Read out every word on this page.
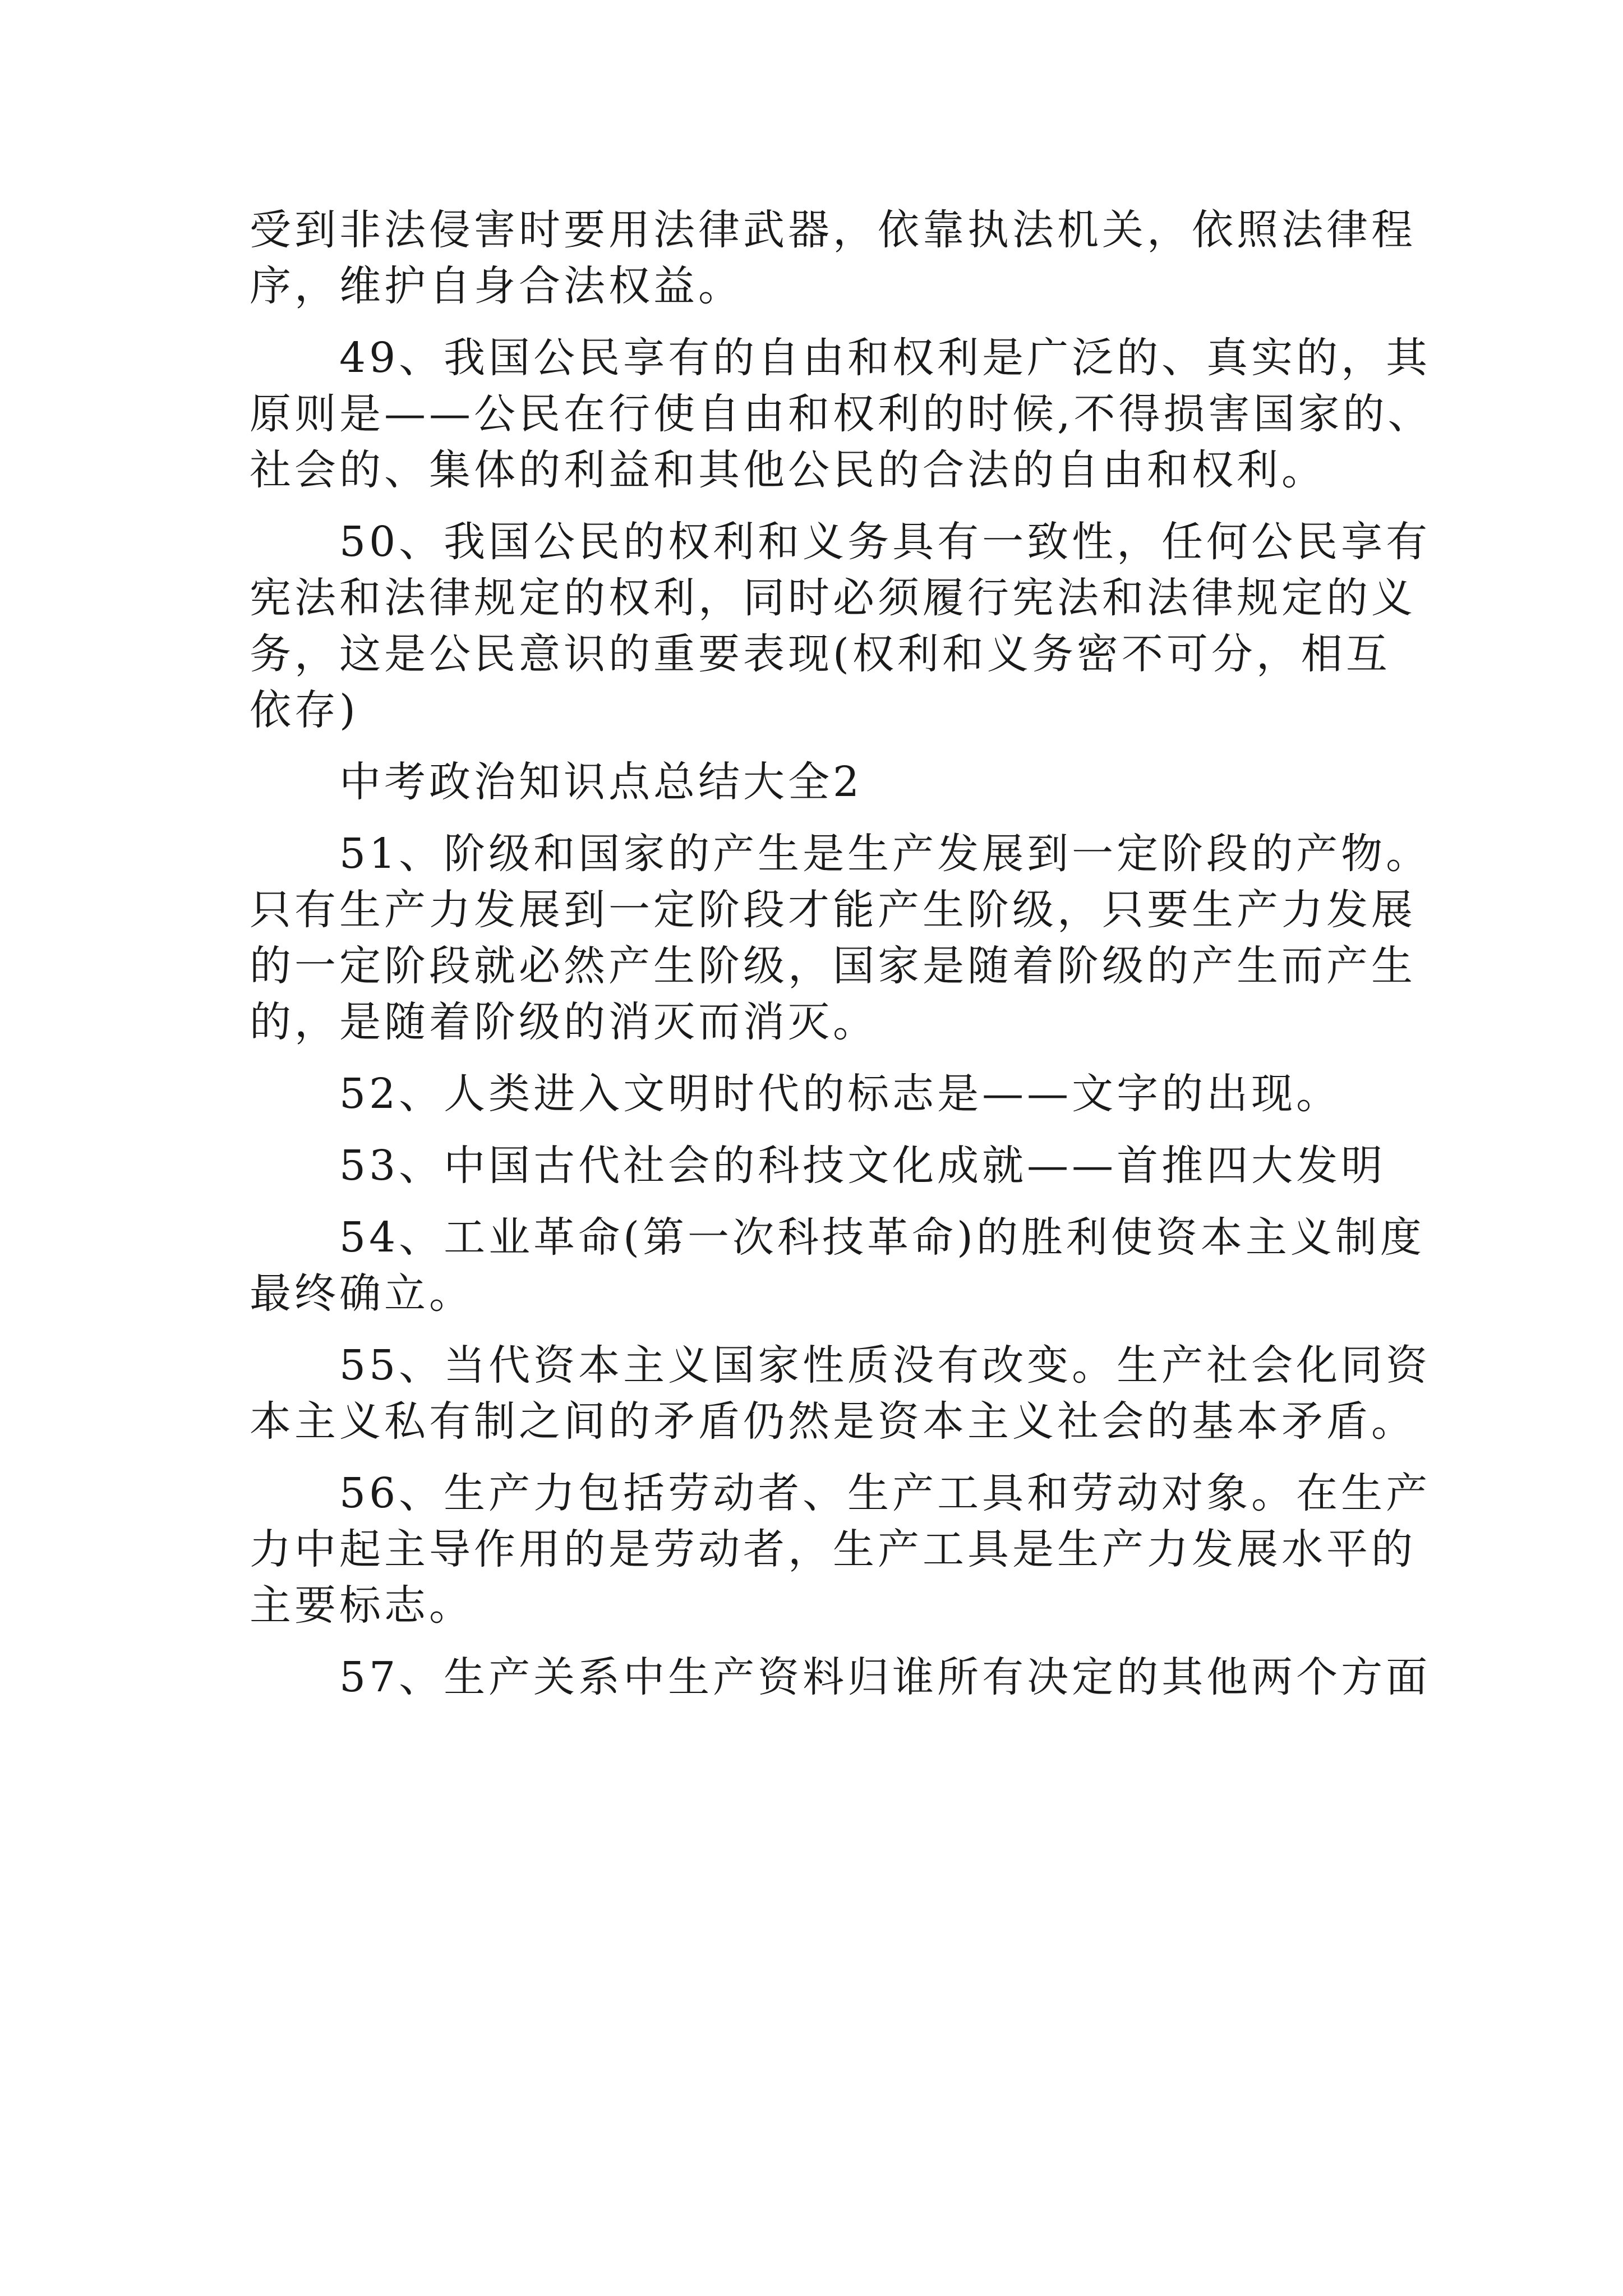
受到非法侵害时要用法律武器，依靠执法机关，依照法律程
序，维护自身合法权益。
49、我国公民享有的自由和权利是广泛的、真实的，其
原则是——公民在行使自由和权利的时候,不得损害国家的、
社会的、集体的利益和其他公民的合法的自由和权利。
50、我国公民的权利和义务具有一致性，任何公民享有
宪法和法律规定的权利，同时必须履行宪法和法律规定的义
务，这是公民意识的重要表现(权利和义务密不可分，相互
依存)
中考政治知识点总结大全2
51、阶级和国家的产生是生产发展到一定阶段的产物。
只有生产力发展到一定阶段才能产生阶级，只要生产力发展
的一定阶段就必然产生阶级，国家是随着阶级的产生而产生
的，是随着阶级的消灭而消灭。
52、人类进入文明时代的标志是——文字的出现。
53、中国古代社会的科技文化成就——首推四大发明
54、工业革命(第一次科技革命)的胜利使资本主义制度
最终确立。
55、当代资本主义国家性质没有改变。生产社会化同资
本主义私有制之间的矛盾仍然是资本主义社会的基本矛盾。
56、生产力包括劳动者、生产工具和劳动对象。在生产
力中起主导作用的是劳动者，生产工具是生产力发展水平的
主要标志。
57、生产关系中生产资料归谁所有决定的其他两个方面
